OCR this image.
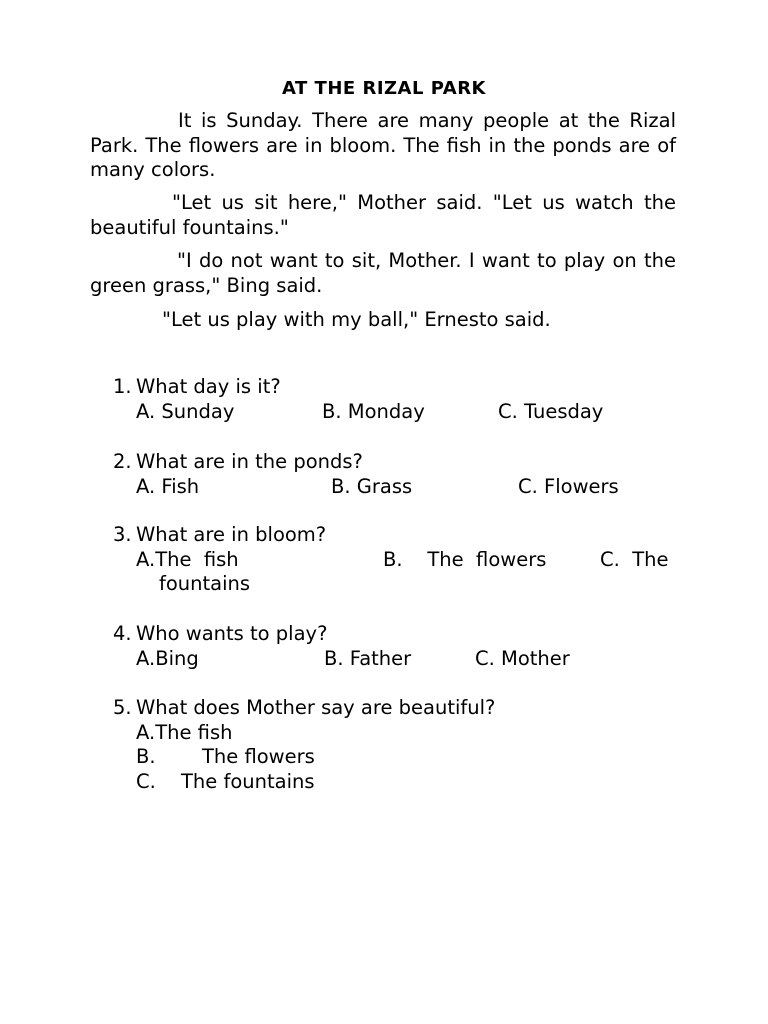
AT THE RIZAL PARK

It is Sunday. There are many people at the Rizal Park. The flowers are in bloom. The fish in the ponds are of many colors.

"Let us sit here," Mother said. "Let us watch the beautiful fountains."

"I do not want to sit, Mother. I want to play on the green grass," Bing said.

"Let us play with my ball," Ernesto said.

1. What day is it?
A. Sunday	B. Monday	C. Tuesday
2. What are in the ponds?
A. Fish	B. Grass	C. Flowers
3. What are in bloom?
A.The  fish	B.    The  flowers	C.  The
fountains
4. Who wants to play?
A.Bing	B. Father	C. Mother
5. What does Mother say are beautiful?
A.The fish
B. The flowers
C. The fountains
